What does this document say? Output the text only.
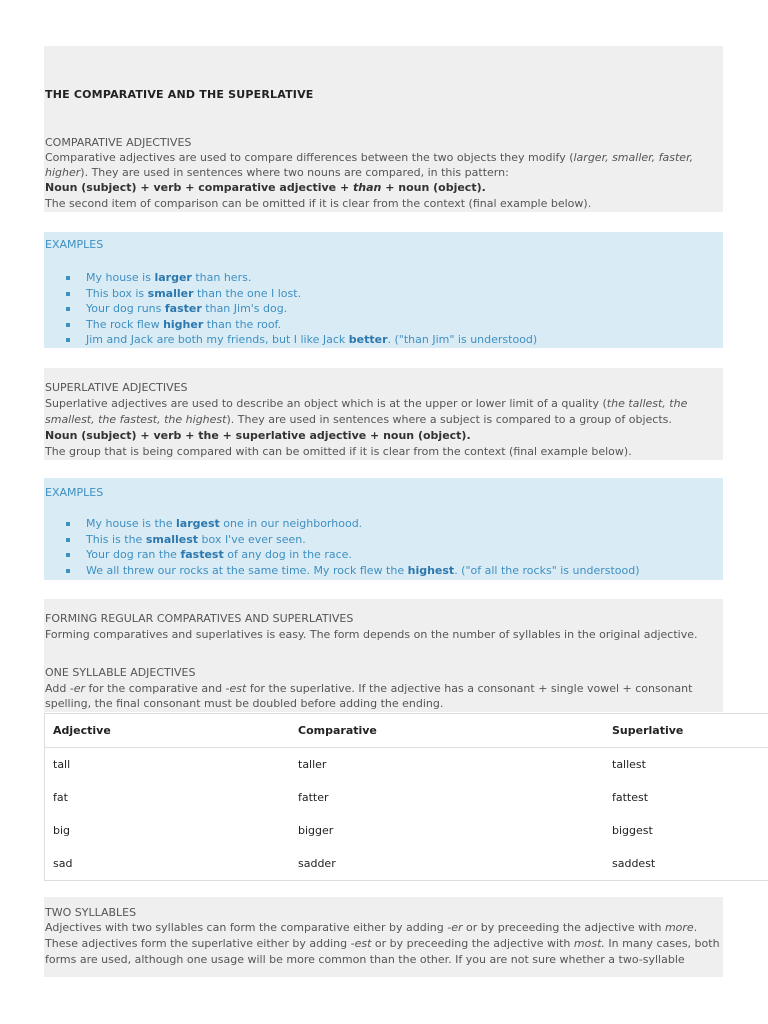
THE COMPARATIVE AND THE SUPERLATIVE
COMPARATIVE ADJECTIVES
Comparative adjectives are used to compare differences between the two objects they modify (larger, smaller, faster,
higher). They are used in sentences where two nouns are compared, in this pattern:
Noun (subject) + verb + comparative adjective + than + noun (object).
The second item of comparison can be omitted if it is clear from the context (final example below).
EXAMPLES
My house is larger than hers.
This box is smaller than the one I lost.
Your dog runs faster than Jim's dog.
The rock flew higher than the roof.
Jim and Jack are both my friends, but I like Jack better. ("than Jim" is understood)
SUPERLATIVE ADJECTIVES
Superlative adjectives are used to describe an object which is at the upper or lower limit of a quality (the tallest, the
smallest, the fastest, the highest). They are used in sentences where a subject is compared to a group of objects.
Noun (subject) + verb + the + superlative adjective + noun (object).
The group that is being compared with can be omitted if it is clear from the context (final example below).
EXAMPLES
My house is the largest one in our neighborhood.
This is the smallest box I've ever seen.
Your dog ran the fastest of any dog in the race.
We all threw our rocks at the same time. My rock flew the highest. ("of all the rocks" is understood)
FORMING REGULAR COMPARATIVES AND SUPERLATIVES
Forming comparatives and superlatives is easy. The form depends on the number of syllables in the original adjective.
ONE SYLLABLE ADJECTIVES
Add -er for the comparative and -est for the superlative. If the adjective has a consonant + single vowel + consonant
spelling, the final consonant must be doubled before adding the ending.
Adjective	Comparative	Superlative
tall	taller	tallest
fat	fatter	fattest
big	bigger	biggest
sad	sadder	saddest
TWO SYLLABLES
Adjectives with two syllables can form the comparative either by adding -er or by preceeding the adjective with more.
These adjectives form the superlative either by adding -est or by preceeding the adjective with most. In many cases, both
forms are used, although one usage will be more common than the other. If you are not sure whether a two-syllable
